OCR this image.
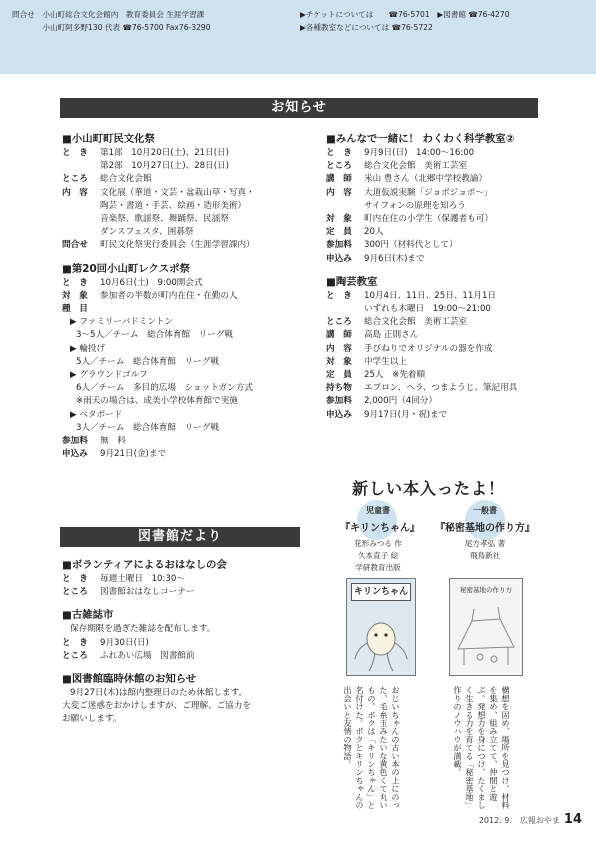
問合せ　小山町総合文化会館内　教育委員会 生涯学習課
　　　　小山町阿多野130 代表 ☎76-5700 Fax76-3290
▶チケットについては　　☎76-5701　▶図書館 ☎76-4270
▶各種教室などについては ☎76-5722
お知らせ
■小山町町民文化祭
と　き	第1部　10月20日(土)、21日(日)
第2部　10月27日(土)、28日(日)
ところ	総合文化会館
内　容	文化展（華道・文芸・盆栽山草・写真・
陶芸・書道・手芸、絵画・造形美術）
音楽祭、歌謡祭、舞踊祭、民謡祭
ダンスフェスタ、囲碁祭
問合せ	町民文化祭実行委員会（生涯学習課内）
■第20回小山町レクスポ祭
と　き	10月6日(土)　9:00開会式
対　象	参加者の半数が町内在住・在勤の人
種　目
▶ ファミリーバドミントン
3～5人／チーム　総合体育館　リーグ戦
▶ 輪投げ
5人／チーム　総合体育館　リーグ戦
▶ グラウンドゴルフ
6人／チーム　多目的広場　ショットガン方式
※雨天の場合は、成美小学校体育館で実施
▶ ペタボード
3人／チーム　総合体育館　リーグ戦
参加料	無　料
申込み	9月21日(金)まで
■みんなで一緒に！ わくわく科学教室②
と　き	9月9日(日)　14:00～16:00
ところ	総合文化会館　美術工芸室
講　師	米山 豊さん（北郷中学校教諭）
内　容	大道仮説実験「ジョボジョボ～」
サイフォンの原理を知ろう
対　象	町内在住の小学生（保護者も可）
定　員	20人
参加料	300円（材料代として）
申込み	9月6日(木)まで
■陶芸教室
と　き	10月4日、11日、25日、11月1日
いずれも木曜日　19:00～21:00
ところ	総合文化会館　美術工芸室
講　師	高島 正則さん
内　容	手びねりでオリジナルの器を作成
対　象	中学生以上
定　員	25人　※先着順
持ち物	エプロン、ヘラ、つまようじ、筆記用具
参加料	2,000円（4回分）
申込み	9月17日(月・祝)まで
図書館だより
■ボランティアによるおはなしの会
と　き	毎週土曜日　10:30～
ところ	図書館おはなしコーナー
■古雑誌市
保存期限を過ぎた雑誌を配布します。
と　き	9月30日(日)
ところ	ふれあい広場　図書館前
■図書館臨時休館のお知らせ
9月27日(木)は館内整理日のため休館します。
大変ご迷惑をおかけしますが、ご理解、ご協力を
お願いします。
新しい本入ったよ！
児童書
『キリンちゃん』
花形みつる 作
久本直子 絵
学研教育出版
キリンちゃん
おじいちゃんの古い本の上にのった、毛糸玉みたいな黄色くて丸いもの。ボクは「キリンちゃん」と名付けた。ボクとキリンちゃんの出会いと友情の物語。
一般書
『秘密基地の作り方』
尾方孝弘 著
飛鳥新社
秘密基地の作り方
構想を固め、場所を見つけ、材料を集め、組み立てて、仲間と遊ぶ。発想力を身につけ、たくましく生きる力を育てる「秘密基地」作りのノウハウが満載。
2012. 9.　広報おやま 14
